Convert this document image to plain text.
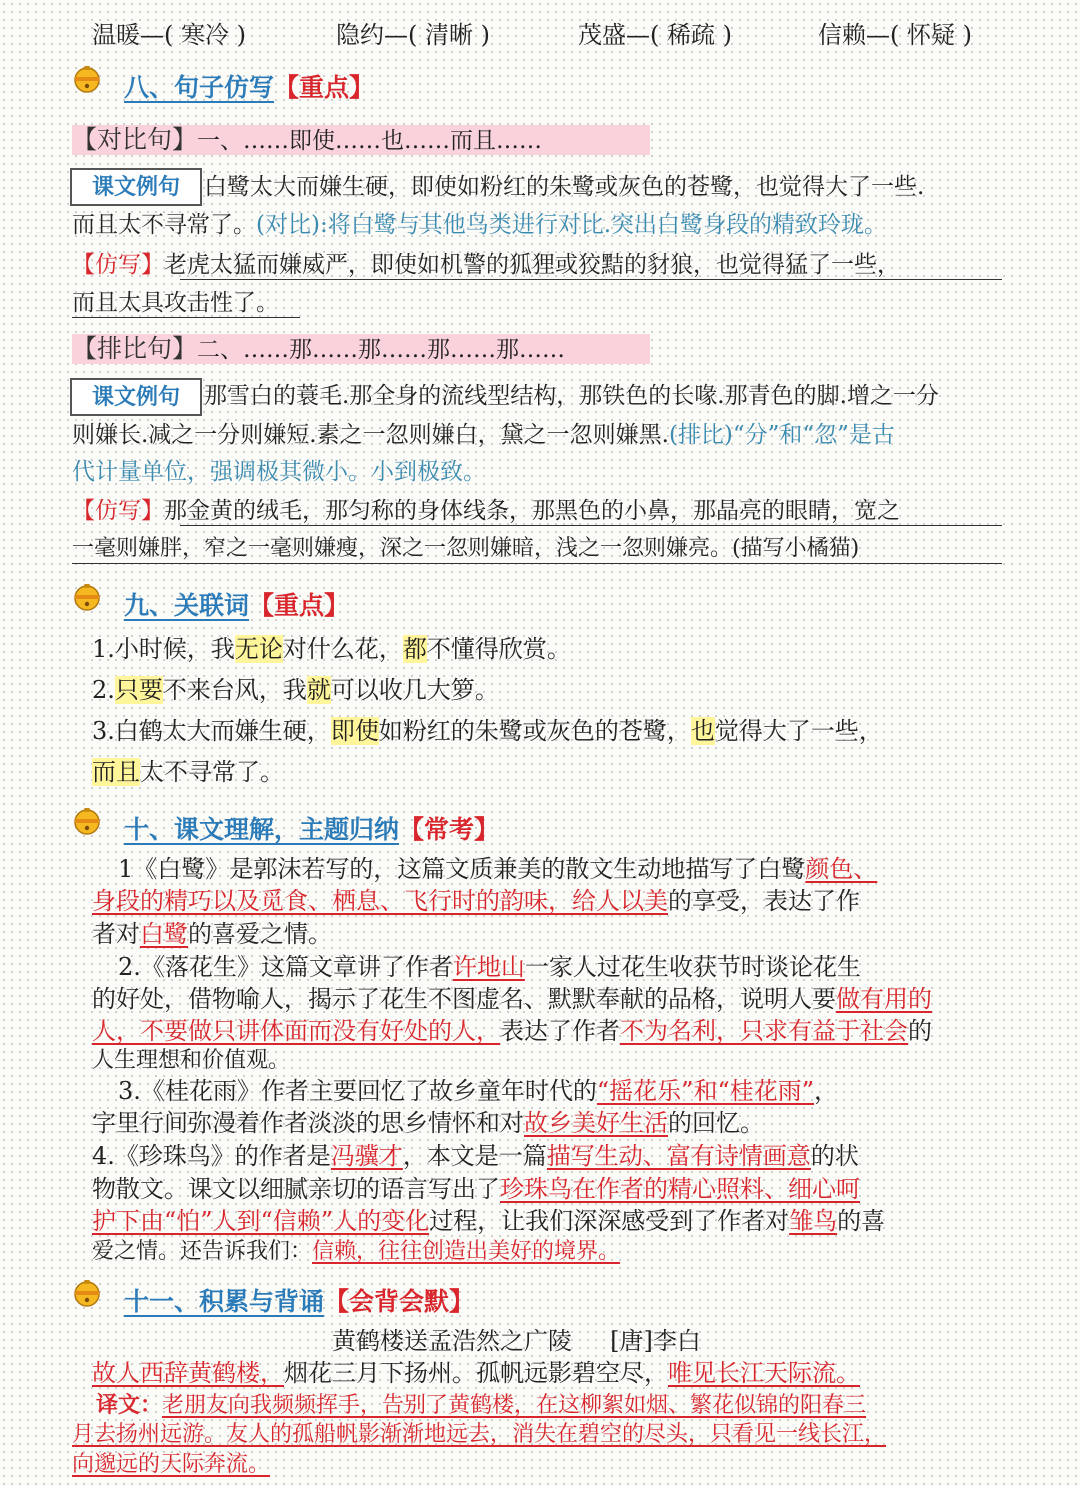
温暖—( 寒冷 )	隐约—( 清晰 )	茂盛—( 稀疏 )	信赖—( 怀疑 )
八、句子仿写【重点】
【对比句】一、……即使……也……而且……
课文例句	白鹭太大而嫌生硬，即使如粉红的朱鹭或灰色的苍鹭，也觉得大了一些.
而且太不寻常了。(对比):将白鹭与其他鸟类进行对比.突出白鹭身段的精致玲珑。
【仿写】老虎太猛而嫌威严，即使如机警的狐狸或狡黠的豺狼，也觉得猛了一些，
而且太具攻击性了。
【排比句】二、……那……那……那……那……
课文例句	那雪白的蓑毛.那全身的流线型结构，那铁色的长喙.那青色的脚.增之一分
则嫌长.减之一分则嫌短.素之一忽则嫌白，黛之一忽则嫌黑.(排比)“分”和“忽”是古
代计量单位，强调极其微小。小到极致。
【仿写】那金黄的绒毛，那匀称的身体线条，那黑色的小鼻，那晶亮的眼睛，宽之
一毫则嫌胖，窄之一毫则嫌瘦，深之一忽则嫌暗，浅之一忽则嫌亮。(描写小橘猫)
九、关联词【重点】
1.小时候，我无论对什么花，都不懂得欣赏。
2.只要不来台风，我就可以收几大箩。
3.白鹤太大而嫌生硬，即使如粉红的朱鹭或灰色的苍鹭，也觉得大了一些，
而且太不寻常了。
十、课文理解，主题归纳【常考】
1《白鹭》是郭沫若写的，这篇文质兼美的散文生动地描写了白鹭颜色、
身段的精巧以及觅食、栖息、飞行时的韵味，给人以美的享受，表达了作
者对白鹭的喜爱之情。
2.《落花生》这篇文章讲了作者许地山一家人过花生收获节时谈论花生
的好处，借物喻人，揭示了花生不图虚名、默默奉献的品格，说明人要做有用的
人，不要做只讲体面而没有好处的人，表达了作者不为名利，只求有益于社会的
人生理想和价值观。
3.《桂花雨》作者主要回忆了故乡童年时代的“摇花乐”和“桂花雨”，
字里行间弥漫着作者淡淡的思乡情怀和对故乡美好生活的回忆。
4.《珍珠鸟》的作者是冯骥才，本文是一篇描写生动、富有诗情画意的状
物散文。课文以细腻亲切的语言写出了珍珠鸟在作者的精心照料、细心呵
护下由“怕”人到“信赖”人的变化过程，让我们深深感受到了作者对雏鸟的喜
爱之情。还告诉我们：信赖，往往创造出美好的境界。
十一、积累与背诵【会背会默】
黄鹤楼送孟浩然之广陵 [唐]李白
故人西辞黄鹤楼，烟花三月下扬州。孤帆远影碧空尽，唯见长江天际流。
译文：老朋友向我频频挥手，告别了黄鹤楼，在这柳絮如烟、繁花似锦的阳春三
月去扬州远游。友人的孤船帆影渐渐地远去，消失在碧空的尽头，只看见一线长江，
向邈远的天际奔流。
